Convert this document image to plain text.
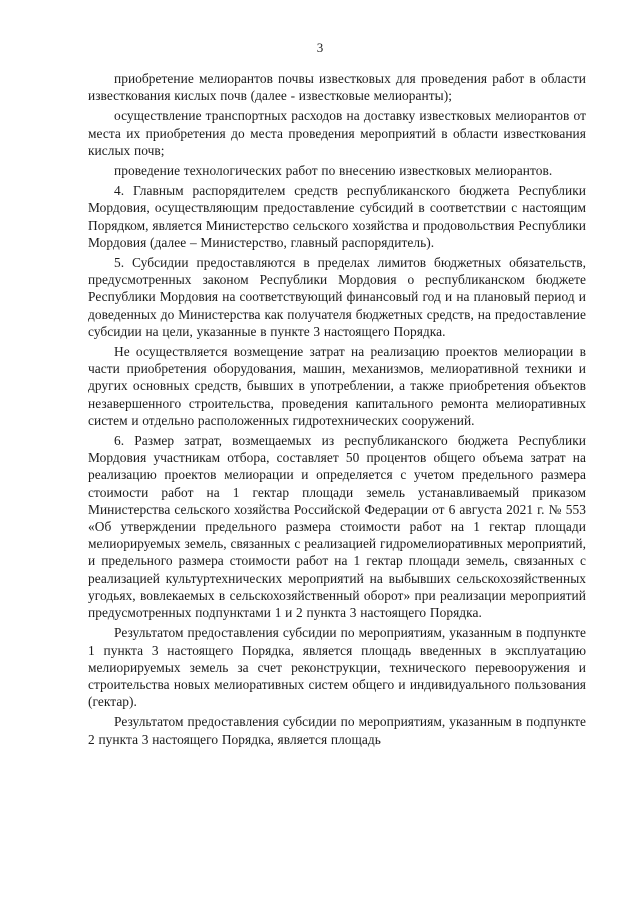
3

приобретение мелиорантов почвы известковых для проведения работ в области известкования кислых почв (далее - известковые мелиоранты);

осуществление транспортных расходов на доставку известковых мелиорантов от места их приобретения до места проведения мероприятий в области известкования кислых почв;

проведение технологических работ по внесению известковых мелиорантов.

4. Главным распорядителем средств республиканского бюджета Республики Мордовия, осуществляющим предоставление субсидий в соответствии с настоящим Порядком, является Министерство сельского хозяйства и продовольствия Республики Мордовия (далее – Министерство, главный распорядитель).

5. Субсидии предоставляются в пределах лимитов бюджетных обязательств, предусмотренных законом Республики Мордовия о республиканском бюджете Республики Мордовия на соответствующий финансовый год и на плановый период и доведенных до Министерства как получателя бюджетных средств, на предоставление субсидии на цели, указанные в пункте 3 настоящего Порядка.

Не осуществляется возмещение затрат на реализацию проектов мелиорации в части приобретения оборудования, машин, механизмов, мелиоративной техники и других основных средств, бывших в употреблении, а также приобретения объектов незавершенного строительства, проведения капитального ремонта мелиоративных систем и отдельно расположенных гидротехнических сооружений.

6. Размер затрат, возмещаемых из республиканского бюджета Республики Мордовия участникам отбора, составляет 50 процентов общего объема затрат на реализацию проектов мелиорации и определяется с учетом предельного размера стоимости работ на 1 гектар площади земель устанавливаемый приказом Министерства сельского хозяйства Российской Федерации от 6 августа 2021 г. № 553 «Об утверждении предельного размера стоимости работ на 1 гектар площади мелиорируемых земель, связанных с реализацией гидромелиоративных мероприятий, и предельного размера стоимости работ на 1 гектар площади земель, связанных с реализацией культуртехнических мероприятий на выбывших сельскохозяйственных угодьях, вовлекаемых в сельскохозяйственный оборот» при реализации мероприятий предусмотренных подпунктами 1 и 2 пункта 3 настоящего Порядка.

Результатом предоставления субсидии по мероприятиям, указанным в подпункте 1 пункта 3 настоящего Порядка, является площадь введенных в эксплуатацию мелиорируемых земель за счет реконструкции, технического перевооружения и строительства новых мелиоративных систем общего и индивидуального пользования (гектар).

Результатом предоставления субсидии по мероприятиям, указанным в подпункте 2 пункта 3 настоящего Порядка, является площадь
